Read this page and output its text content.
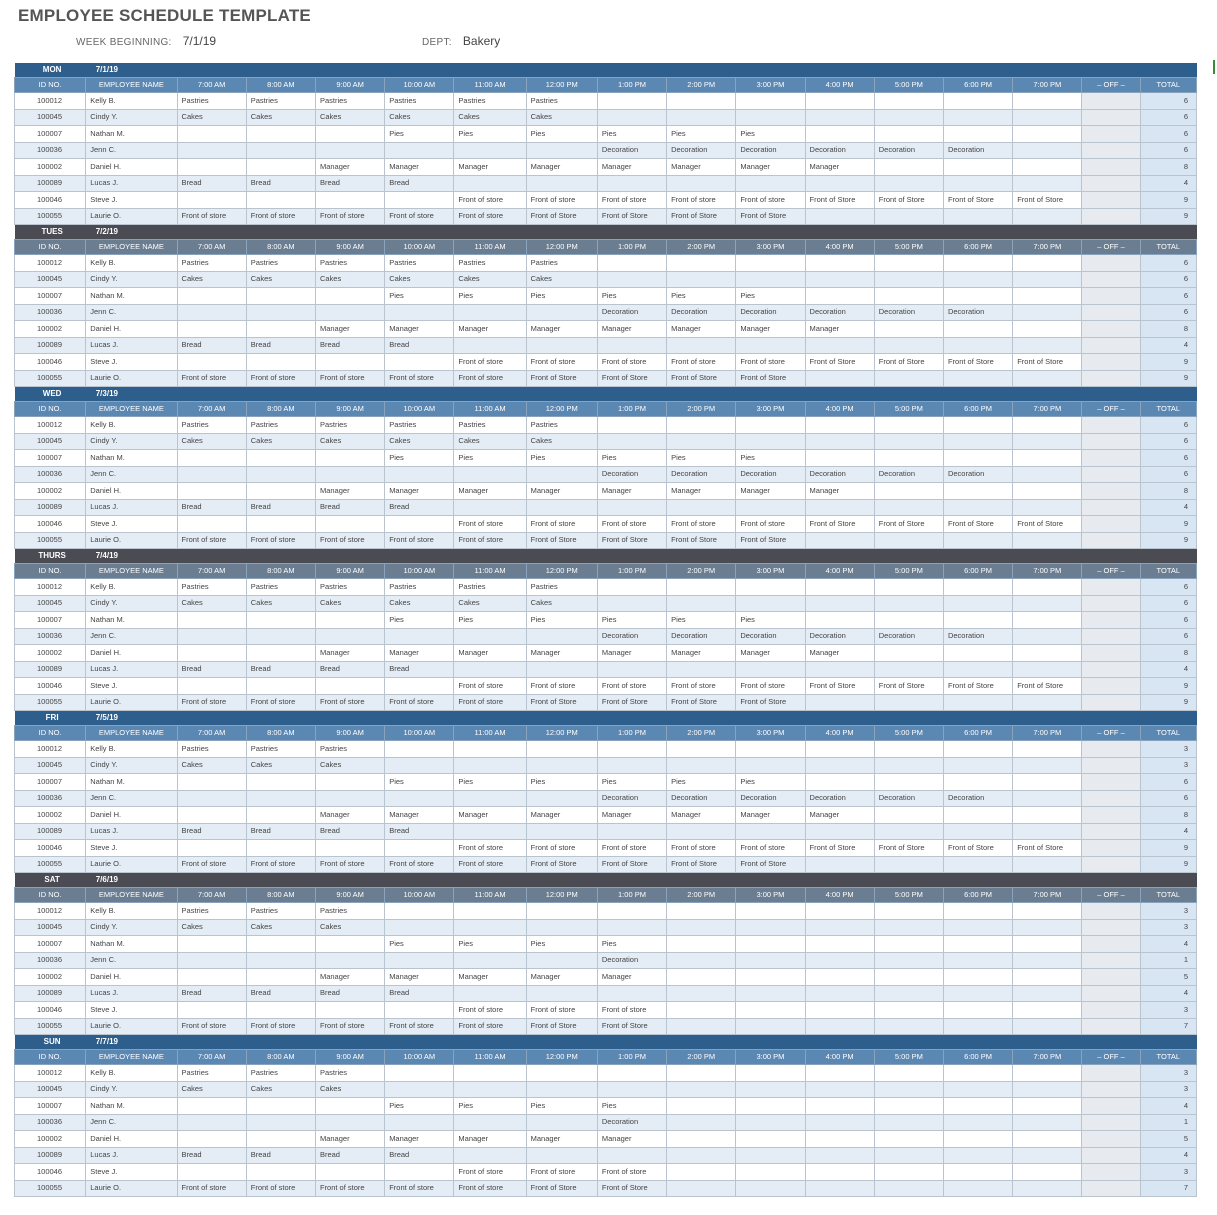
EMPLOYEE SCHEDULE TEMPLATE
WEEK BEGINNING: 7/1/19	DEPT: Bakery
MON	7/1/19															
ID NO.	EMPLOYEE NAME	7:00 AM	8:00 AM	9:00 AM	10:00 AM	11:00 AM	12:00 PM	1:00 PM	2:00 PM	3:00 PM	4:00 PM	5:00 PM	6:00 PM	7:00 PM	– OFF –	TOTAL
100012	Kelly B.	Pastries	Pastries	Pastries	Pastries	Pastries	Pastries									6
100045	Cindy Y.	Cakes	Cakes	Cakes	Cakes	Cakes	Cakes									6
100007	Nathan M.				Pies	Pies	Pies	Pies	Pies	Pies						6
100036	Jenn C.							Decoration	Decoration	Decoration	Decoration	Decoration	Decoration			6
100002	Daniel H.			Manager	Manager	Manager	Manager	Manager	Manager	Manager	Manager					8
100089	Lucas J.	Bread	Bread	Bread	Bread											4
100046	Steve J.					Front of store	Front of store	Front of store	Front of store	Front of store	Front of Store	Front of Store	Front of Store	Front of Store		9
100055	Laurie O.	Front of store	Front of store	Front of store	Front of store	Front of store	Front of Store	Front of Store	Front of Store	Front of Store						9
TUES	7/2/19															
ID NO.	EMPLOYEE NAME	7:00 AM	8:00 AM	9:00 AM	10:00 AM	11:00 AM	12:00 PM	1:00 PM	2:00 PM	3:00 PM	4:00 PM	5:00 PM	6:00 PM	7:00 PM	– OFF –	TOTAL
100012	Kelly B.	Pastries	Pastries	Pastries	Pastries	Pastries	Pastries									6
100045	Cindy Y.	Cakes	Cakes	Cakes	Cakes	Cakes	Cakes									6
100007	Nathan M.				Pies	Pies	Pies	Pies	Pies	Pies						6
100036	Jenn C.							Decoration	Decoration	Decoration	Decoration	Decoration	Decoration			6
100002	Daniel H.			Manager	Manager	Manager	Manager	Manager	Manager	Manager	Manager					8
100089	Lucas J.	Bread	Bread	Bread	Bread											4
100046	Steve J.					Front of store	Front of store	Front of store	Front of store	Front of store	Front of Store	Front of Store	Front of Store	Front of Store		9
100055	Laurie O.	Front of store	Front of store	Front of store	Front of store	Front of store	Front of Store	Front of Store	Front of Store	Front of Store						9
WED	7/3/19															
ID NO.	EMPLOYEE NAME	7:00 AM	8:00 AM	9:00 AM	10:00 AM	11:00 AM	12:00 PM	1:00 PM	2:00 PM	3:00 PM	4:00 PM	5:00 PM	6:00 PM	7:00 PM	– OFF –	TOTAL
100012	Kelly B.	Pastries	Pastries	Pastries	Pastries	Pastries	Pastries									6
100045	Cindy Y.	Cakes	Cakes	Cakes	Cakes	Cakes	Cakes									6
100007	Nathan M.				Pies	Pies	Pies	Pies	Pies	Pies						6
100036	Jenn C.							Decoration	Decoration	Decoration	Decoration	Decoration	Decoration			6
100002	Daniel H.			Manager	Manager	Manager	Manager	Manager	Manager	Manager	Manager					8
100089	Lucas J.	Bread	Bread	Bread	Bread											4
100046	Steve J.					Front of store	Front of store	Front of store	Front of store	Front of store	Front of Store	Front of Store	Front of Store	Front of Store		9
100055	Laurie O.	Front of store	Front of store	Front of store	Front of store	Front of store	Front of Store	Front of Store	Front of Store	Front of Store						9
THURS	7/4/19															
ID NO.	EMPLOYEE NAME	7:00 AM	8:00 AM	9:00 AM	10:00 AM	11:00 AM	12:00 PM	1:00 PM	2:00 PM	3:00 PM	4:00 PM	5:00 PM	6:00 PM	7:00 PM	– OFF –	TOTAL
100012	Kelly B.	Pastries	Pastries	Pastries	Pastries	Pastries	Pastries									6
100045	Cindy Y.	Cakes	Cakes	Cakes	Cakes	Cakes	Cakes									6
100007	Nathan M.				Pies	Pies	Pies	Pies	Pies	Pies						6
100036	Jenn C.							Decoration	Decoration	Decoration	Decoration	Decoration	Decoration			6
100002	Daniel H.			Manager	Manager	Manager	Manager	Manager	Manager	Manager	Manager					8
100089	Lucas J.	Bread	Bread	Bread	Bread											4
100046	Steve J.					Front of store	Front of store	Front of store	Front of store	Front of store	Front of Store	Front of Store	Front of Store	Front of Store		9
100055	Laurie O.	Front of store	Front of store	Front of store	Front of store	Front of store	Front of Store	Front of Store	Front of Store	Front of Store						9
FRI	7/5/19															
ID NO.	EMPLOYEE NAME	7:00 AM	8:00 AM	9:00 AM	10:00 AM	11:00 AM	12:00 PM	1:00 PM	2:00 PM	3:00 PM	4:00 PM	5:00 PM	6:00 PM	7:00 PM	– OFF –	TOTAL
100012	Kelly B.	Pastries	Pastries	Pastries												3
100045	Cindy Y.	Cakes	Cakes	Cakes												3
100007	Nathan M.				Pies	Pies	Pies	Pies	Pies	Pies						6
100036	Jenn C.							Decoration	Decoration	Decoration	Decoration	Decoration	Decoration			6
100002	Daniel H.			Manager	Manager	Manager	Manager	Manager	Manager	Manager	Manager					8
100089	Lucas J.	Bread	Bread	Bread	Bread											4
100046	Steve J.					Front of store	Front of store	Front of store	Front of store	Front of store	Front of Store	Front of Store	Front of Store	Front of Store		9
100055	Laurie O.	Front of store	Front of store	Front of store	Front of store	Front of store	Front of Store	Front of Store	Front of Store	Front of Store						9
SAT	7/6/19															
ID NO.	EMPLOYEE NAME	7:00 AM	8:00 AM	9:00 AM	10:00 AM	11:00 AM	12:00 PM	1:00 PM	2:00 PM	3:00 PM	4:00 PM	5:00 PM	6:00 PM	7:00 PM	– OFF –	TOTAL
100012	Kelly B.	Pastries	Pastries	Pastries												3
100045	Cindy Y.	Cakes	Cakes	Cakes												3
100007	Nathan M.				Pies	Pies	Pies	Pies								4
100036	Jenn C.							Decoration								1
100002	Daniel H.			Manager	Manager	Manager	Manager	Manager								5
100089	Lucas J.	Bread	Bread	Bread	Bread											4
100046	Steve J.					Front of store	Front of store	Front of store								3
100055	Laurie O.	Front of store	Front of store	Front of store	Front of store	Front of store	Front of Store	Front of Store								7
SUN	7/7/19															
ID NO.	EMPLOYEE NAME	7:00 AM	8:00 AM	9:00 AM	10:00 AM	11:00 AM	12:00 PM	1:00 PM	2:00 PM	3:00 PM	4:00 PM	5:00 PM	6:00 PM	7:00 PM	– OFF –	TOTAL
100012	Kelly B.	Pastries	Pastries	Pastries												3
100045	Cindy Y.	Cakes	Cakes	Cakes												3
100007	Nathan M.				Pies	Pies	Pies	Pies								4
100036	Jenn C.							Decoration								1
100002	Daniel H.			Manager	Manager	Manager	Manager	Manager								5
100089	Lucas J.	Bread	Bread	Bread	Bread											4
100046	Steve J.					Front of store	Front of store	Front of store								3
100055	Laurie O.	Front of store	Front of store	Front of store	Front of store	Front of store	Front of Store	Front of Store								7
